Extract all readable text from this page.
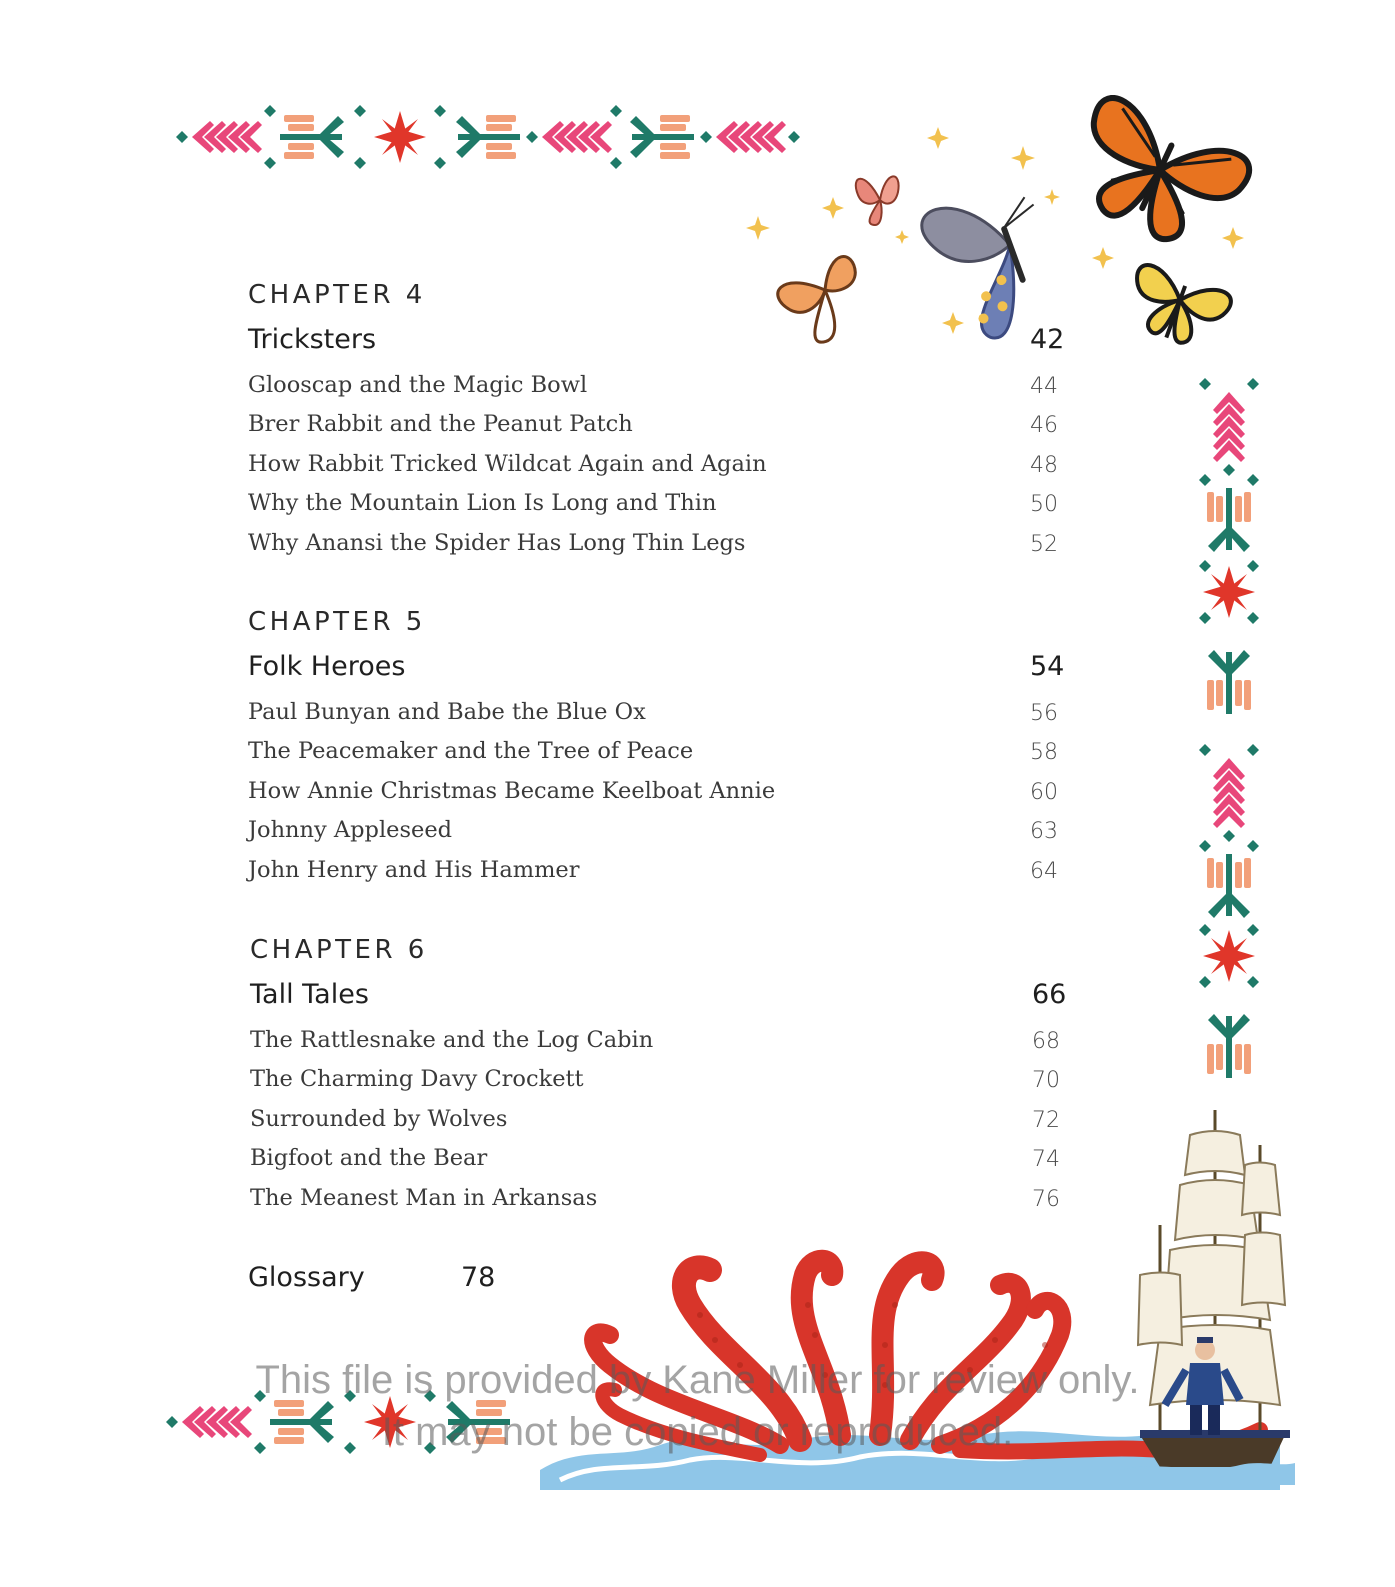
CHAPTER 4
Tricksters	42
Glooscap and the Magic Bowl	44
Brer Rabbit and the Peanut Patch	46
How Rabbit Tricked Wildcat Again and Again	48
Why the Mountain Lion Is Long and Thin	50
Why Anansi the Spider Has Long Thin Legs	52
CHAPTER 5
Folk Heroes	54
Paul Bunyan and Babe the Blue Ox	56
The Peacemaker and the Tree of Peace	58
How Annie Christmas Became Keelboat Annie	60
Johnny Appleseed	63
John Henry and His Hammer	64
CHAPTER 6
Tall Tales	66
The Rattlesnake and the Log Cabin	68
The Charming Davy Crockett	70
Surrounded by Wolves	72
Bigfoot and the Bear	74
The Meanest Man in Arkansas	76
Glossary	78
This file is provided by Kane Miller for review only.
It may not be copied or reproduced.
